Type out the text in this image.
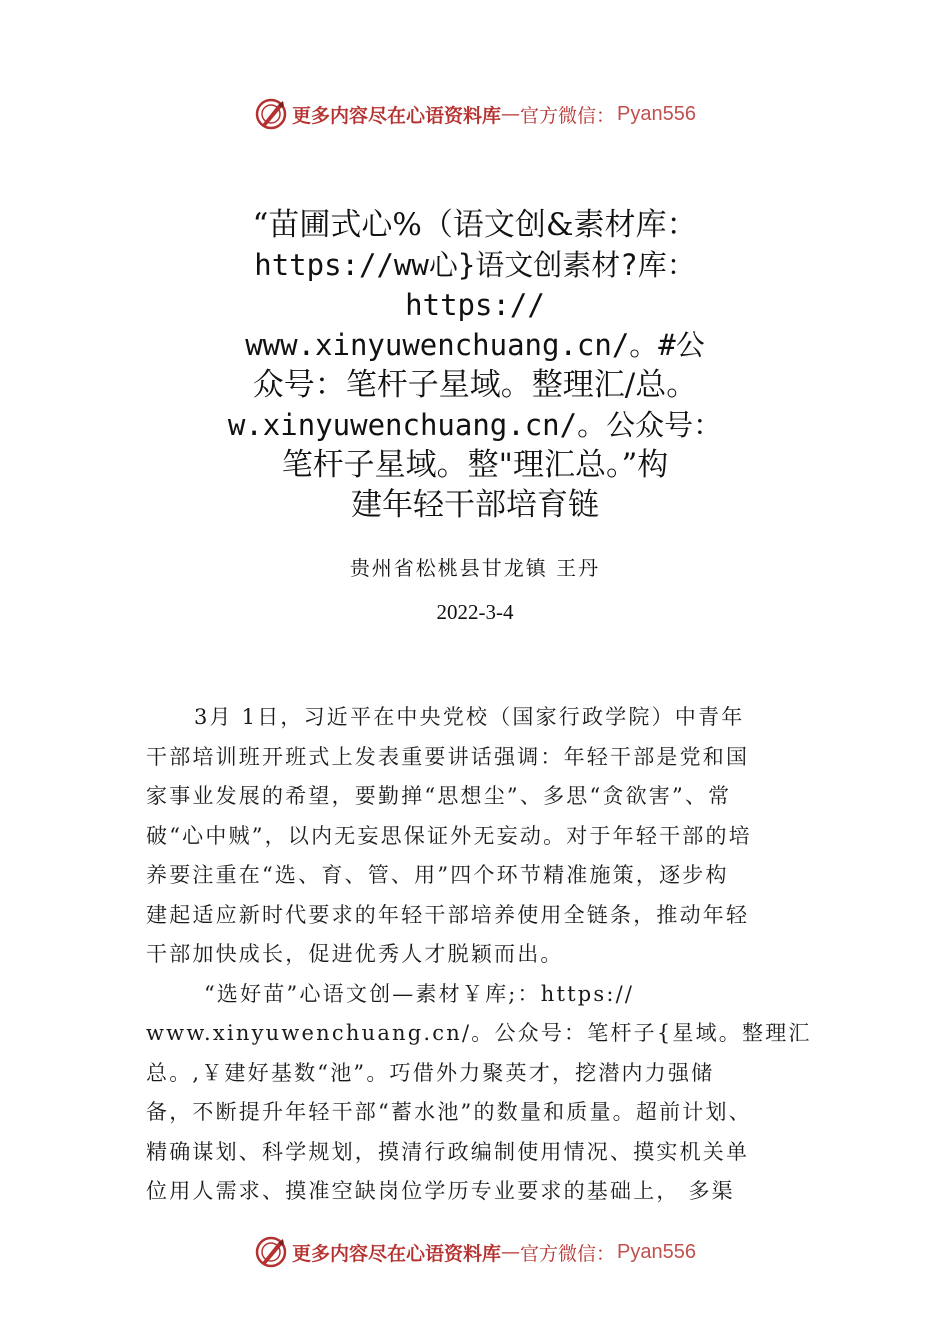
更多内容尽在心语资料库 — 官方微信： Pyan556
“苗圃式心%（语文创&素材库：
https://ww心}语文创素材?库：
https://
www.xinyuwenchuang.cn/。#公
众号：笔杆子星域。整理汇/总。
w.xinyuwenchuang.cn/。公众号：
笔杆子星域。整"理汇总。”构
建年轻干部培育链
贵州省松桃县甘龙镇 王丹
2022-3-4
3月 1日，习近平在中央党校（国家行政学院）中青年
干部培训班开班式上发表重要讲话强调：年轻干部是党和国
家事业发展的希望，要勤掸“思想尘”、多思“贪欲害”、常
破“心中贼”，以内无妄思保证外无妄动。对于年轻干部的培
养要注重在“选、育、管、用”四个环节精准施策，逐步构
建起适应新时代要求的年轻干部培养使用全链条，推动年轻
干部加快成长，促进优秀人才脱颖而出。
“选好苗”心语文创—素材￥库;：https://
www.xinyuwenchuang.cn/。公众号：笔杆子{星域。整理汇
总。,￥建好基数“池”。巧借外力聚英才，挖潜内力强储
备，不断提升年轻干部“蓄水池”的数量和质量。超前计划、
精确谋划、科学规划，摸清行政编制使用情况、摸实机关单
位用人需求、摸准空缺岗位学历专业要求的基础上， 多渠
更多内容尽在心语资料库 — 官方微信： Pyan556
